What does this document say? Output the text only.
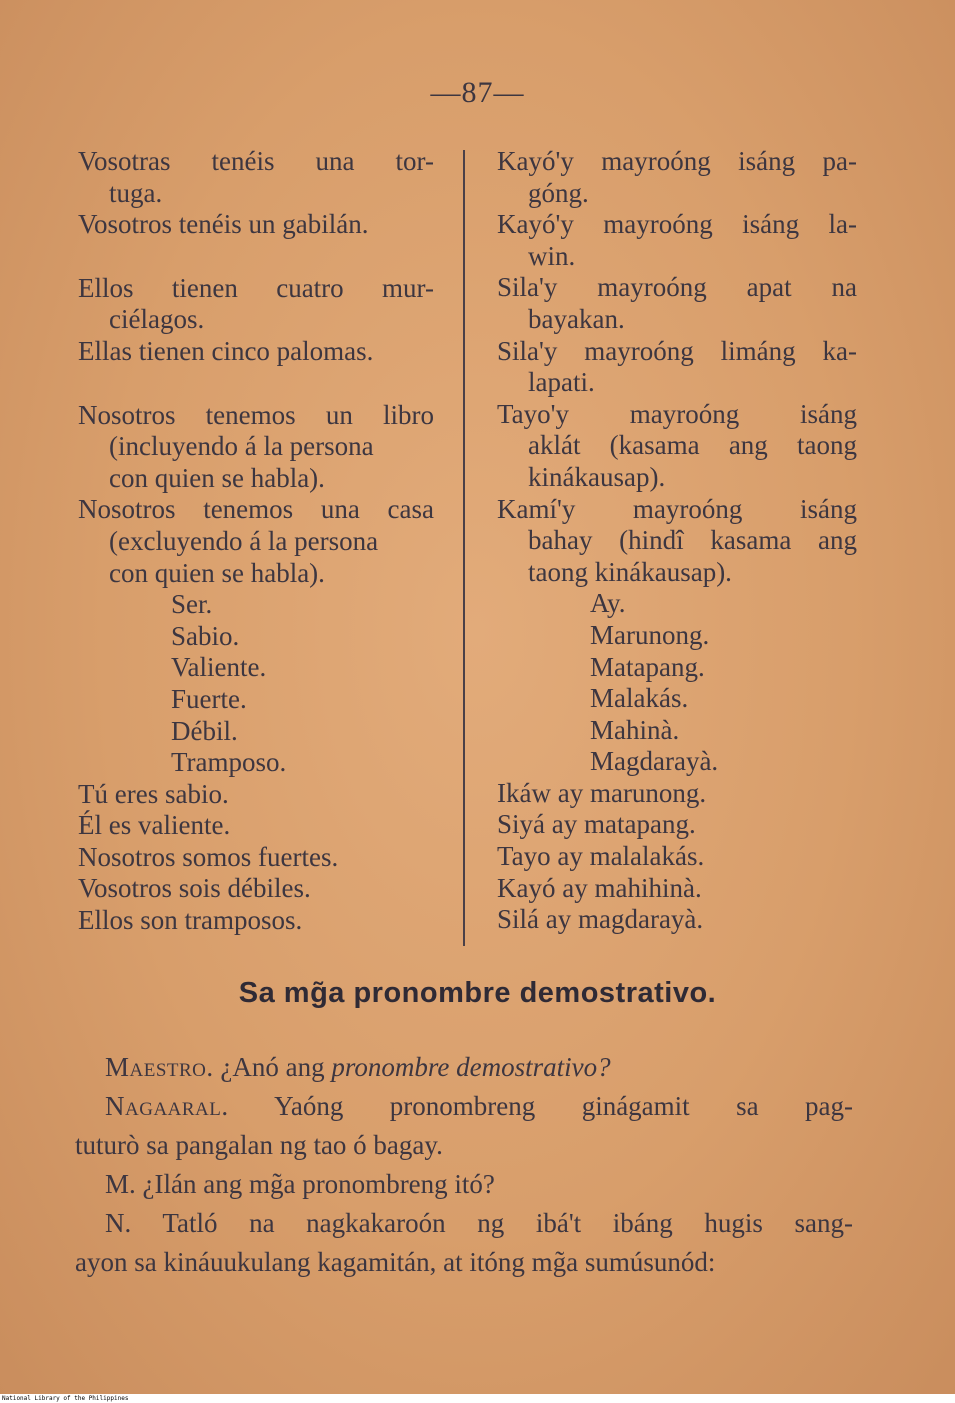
—87—
Vosotras tenéis una tor-
tuga.
Vosotros tenéis un gabilán.
Ellos tienen cuatro mur-
ciélagos.
Ellas tienen cinco palomas.
Nosotros tenemos un libro
(incluyendo á la persona
con quien se habla).
Nosotros tenemos una casa
(excluyendo á la persona
con quien se habla).
Ser.
Sabio.
Valiente.
Fuerte.
Débil.
Tramposo.
Tú eres sabio.
Él es valiente.
Nosotros somos fuertes.
Vosotros sois débiles.
Ellos son tramposos.
Kayó'y mayroóng isáng pa-
góng.
Kayó'y mayroóng isáng la-
win.
Sila'y mayroóng apat na
bayakan.
Sila'y mayroóng limáng ka-
lapati.
Tayo'y mayroóng isáng
aklát (kasama ang taong
kinákausap).
Kamí'y mayroóng isáng
bahay (hindî kasama ang
taong kinákausap).
Ay.
Marunong.
Matapang.
Malakás.
Mahinà.
Magdarayà.
Ikáw ay marunong.
Siyá ay matapang.
Tayo ay malalakás.
Kayó ay mahihinà.
Silá ay magdarayà.
Sa mg̃a pronombre demostrativo.
Maestro. ¿Anó ang pronombre demostrativo?
Nagaaral. Yaóng pronombreng ginágamit sa pag-
tuturò sa pangalan ng tao ó bagay.
M. ¿Ilán ang mg̃a pronombreng itó?
N. Tatló na nagkakaroón ng ibá't ibáng hugis sang-
ayon sa kináuukulang kagamitán, at itóng mg̃a sumúsunód:
National Library of the Philippines
